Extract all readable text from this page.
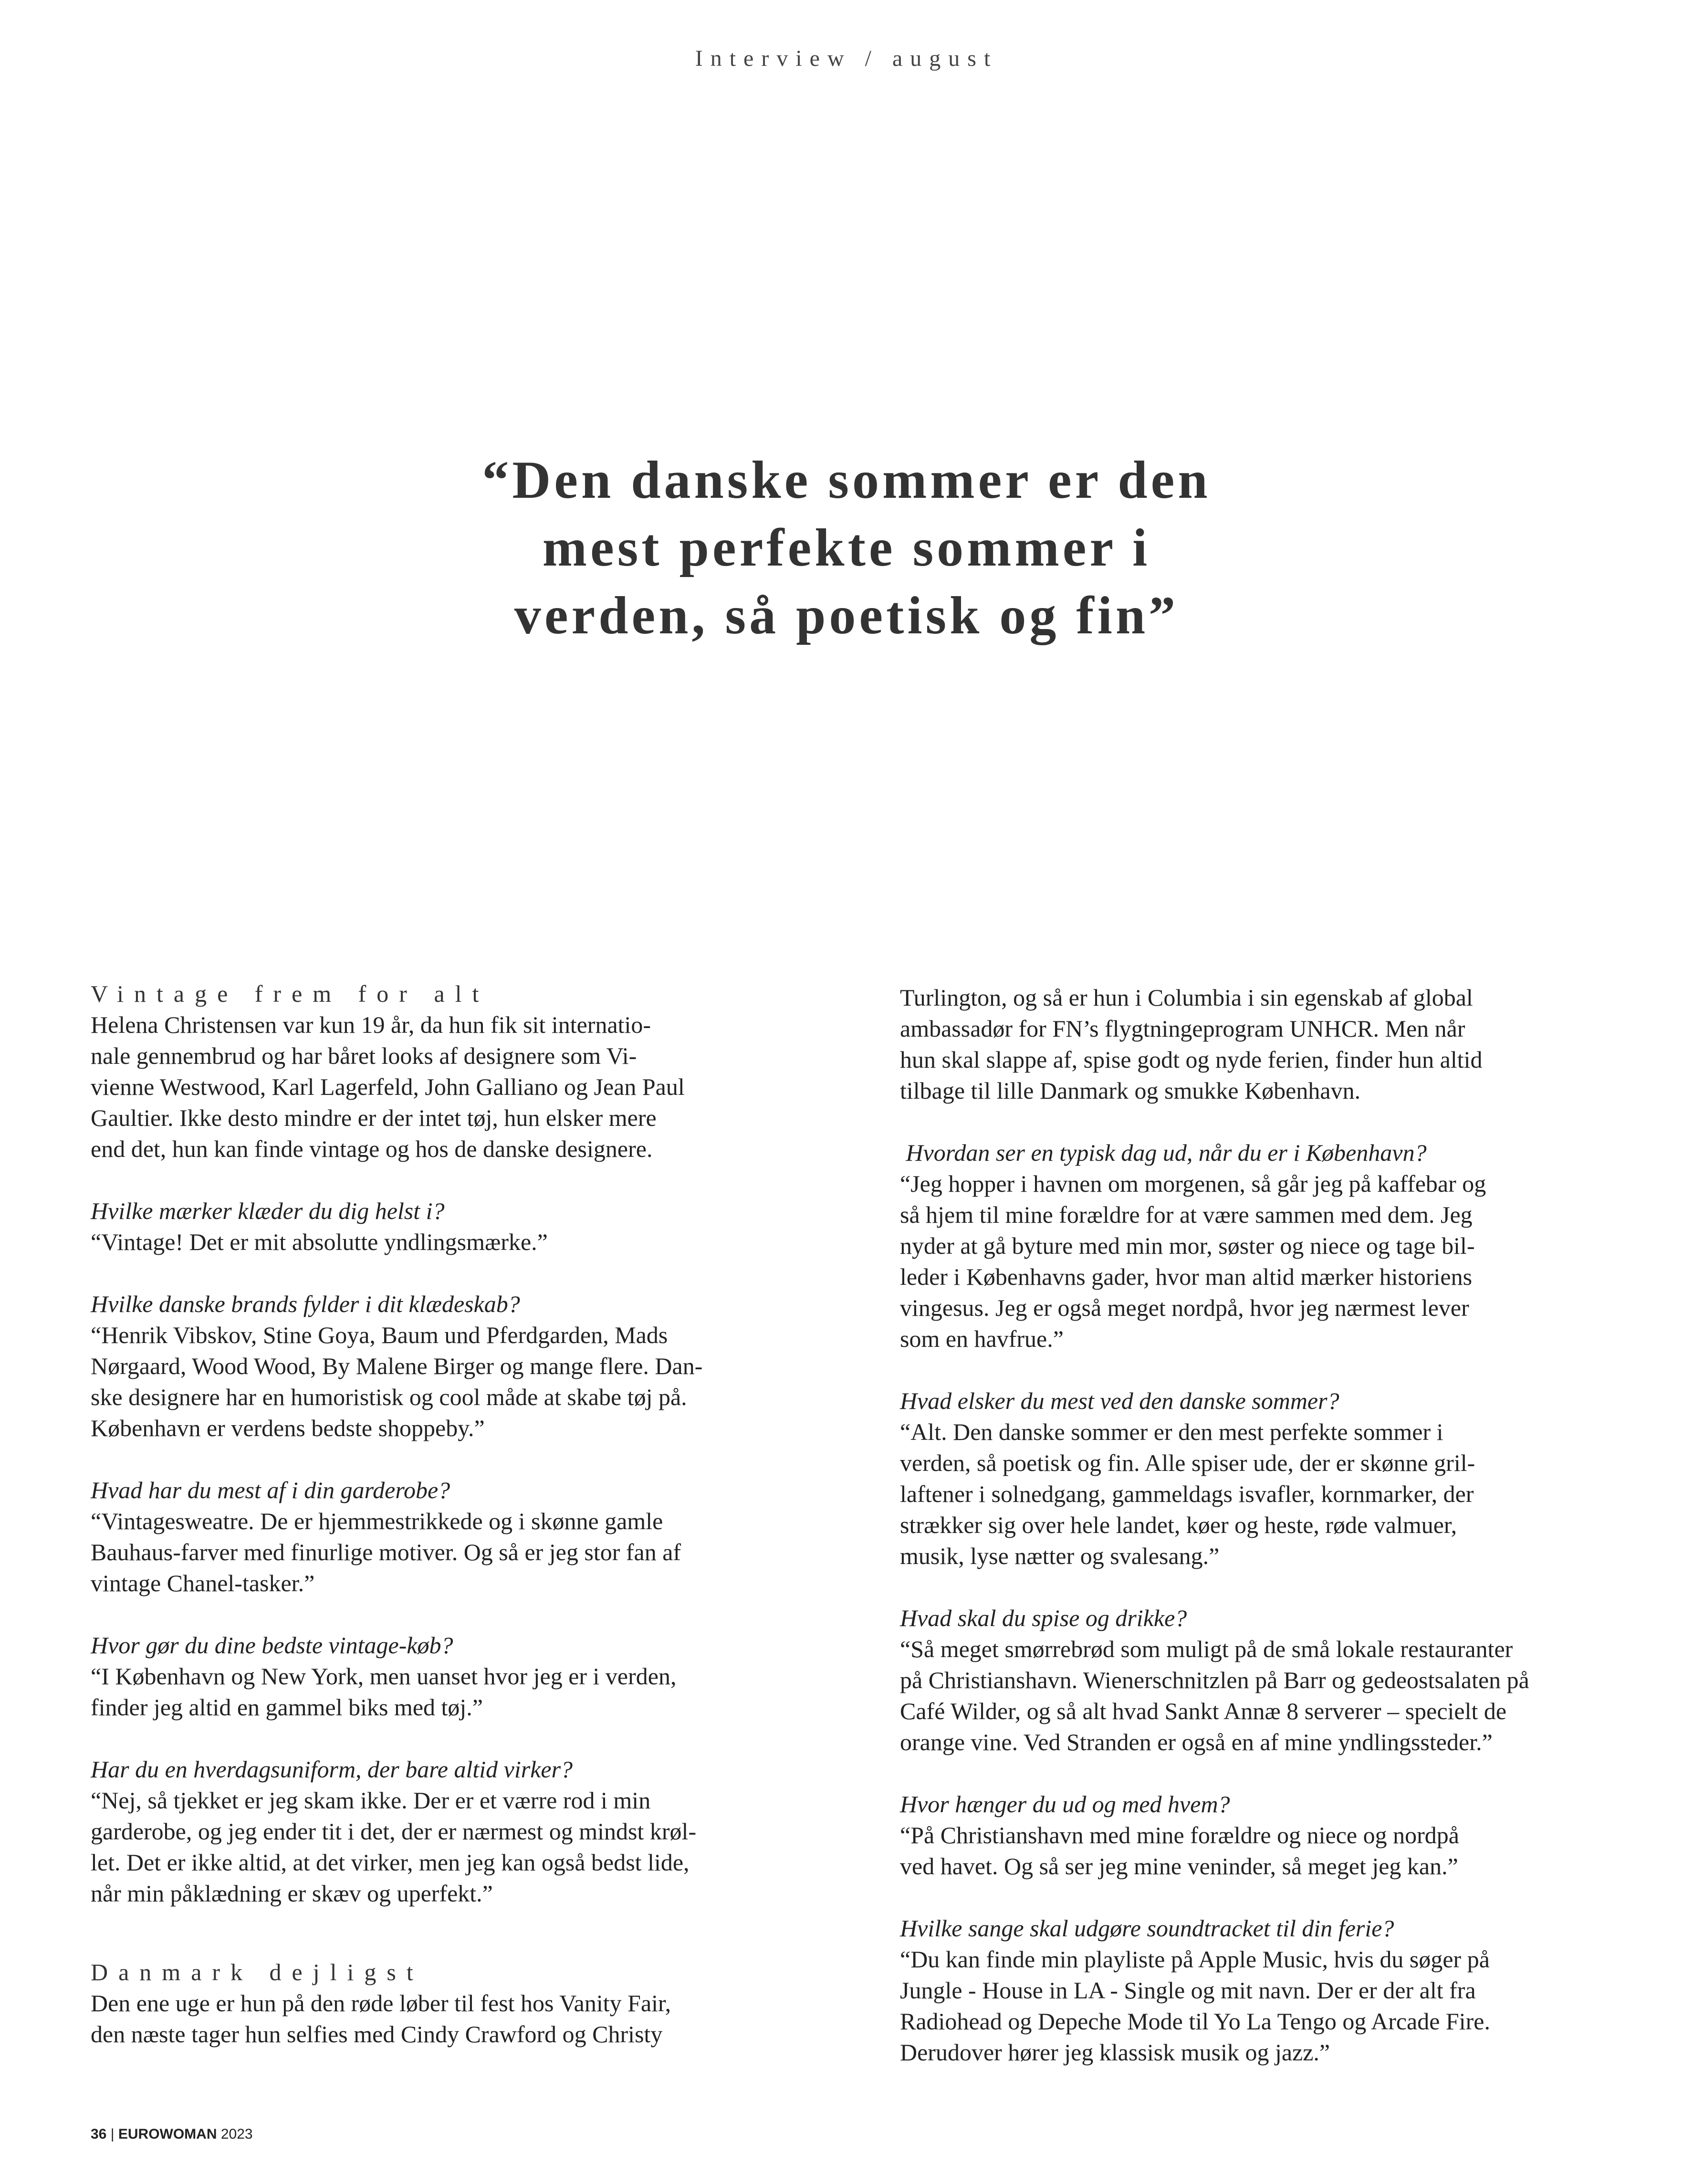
Interview / august
“Den danske sommer er den
mest perfekte sommer i
verden, så poetisk og fin”
Vintage frem for alt
Helena Christensen var kun 19 år, da hun fik sit internatio-
nale gennembrud og har båret looks af designere som Vi-
vienne Westwood, Karl Lagerfeld, John Galliano og Jean Paul
Gaultier. Ikke desto mindre er der intet tøj, hun elsker mere
end det, hun kan finde vintage og hos de danske designere.
Hvilke mærker klæder du dig helst i?
“Vintage! Det er mit absolutte yndlingsmærke.”
Hvilke danske brands fylder i dit klædeskab?
“Henrik Vibskov, Stine Goya, Baum und Pferdgarden, Mads
Nørgaard, Wood Wood, By Malene Birger og mange flere. Dan-
ske designere har en humoristisk og cool måde at skabe tøj på.
København er verdens bedste shoppeby.”
Hvad har du mest af i din garderobe?
“Vintagesweatre. De er hjemmestrikkede og i skønne gamle
Bauhaus-farver med finurlige motiver. Og så er jeg stor fan af
vintage Chanel-tasker.”
Hvor gør du dine bedste vintage-køb?
“I København og New York, men uanset hvor jeg er i verden,
finder jeg altid en gammel biks med tøj.”
Har du en hverdagsuniform, der bare altid virker?
“Nej, så tjekket er jeg skam ikke. Der er et værre rod i min
garderobe, og jeg ender tit i det, der er nærmest og mindst krøl-
let. Det er ikke altid, at det virker, men jeg kan også bedst lide,
når min påklædning er skæv og uperfekt.”
Danmark dejligst
Den ene uge er hun på den røde løber til fest hos Vanity Fair,
den næste tager hun selfies med Cindy Crawford og Christy
Turlington, og så er hun i Columbia i sin egenskab af global
ambassadør for FN’s flygtningeprogram UNHCR. Men når
hun skal slappe af, spise godt og nyde ferien, finder hun altid
tilbage til lille Danmark og smukke København.
Hvordan ser en typisk dag ud, når du er i København?
“Jeg hopper i havnen om morgenen, så går jeg på kaffebar og
så hjem til mine forældre for at være sammen med dem. Jeg
nyder at gå byture med min mor, søster og niece og tage bil-
leder i Københavns gader, hvor man altid mærker historiens
vingesus. Jeg er også meget nordpå, hvor jeg nærmest lever
som en havfrue.”
Hvad elsker du mest ved den danske sommer?
“Alt. Den danske sommer er den mest perfekte sommer i
verden, så poetisk og fin. Alle spiser ude, der er skønne gril-
laftener i solnedgang, gammeldags isvafler, kornmarker, der
strækker sig over hele landet, køer og heste, røde valmuer,
musik, lyse nætter og svalesang.”
Hvad skal du spise og drikke?
“Så meget smørrebrød som muligt på de små lokale restauranter
på Christianshavn. Wienerschnitzlen på Barr og gedeostsalaten på
Café Wilder, og så alt hvad Sankt Annæ 8 serverer – specielt de
orange vine. Ved Stranden er også en af mine yndlingssteder.”
Hvor hænger du ud og med hvem?
“På Christianshavn med mine forældre og niece og nordpå
ved havet. Og så ser jeg mine veninder, så meget jeg kan.”
Hvilke sange skal udgøre soundtracket til din ferie?
“Du kan finde min playliste på Apple Music, hvis du søger på
Jungle - House in LA - Single og mit navn. Der er der alt fra
Radiohead og Depeche Mode til Yo La Tengo og Arcade Fire.
Derudover hører jeg klassisk musik og jazz.”
36 | EUROWOMAN 2023
